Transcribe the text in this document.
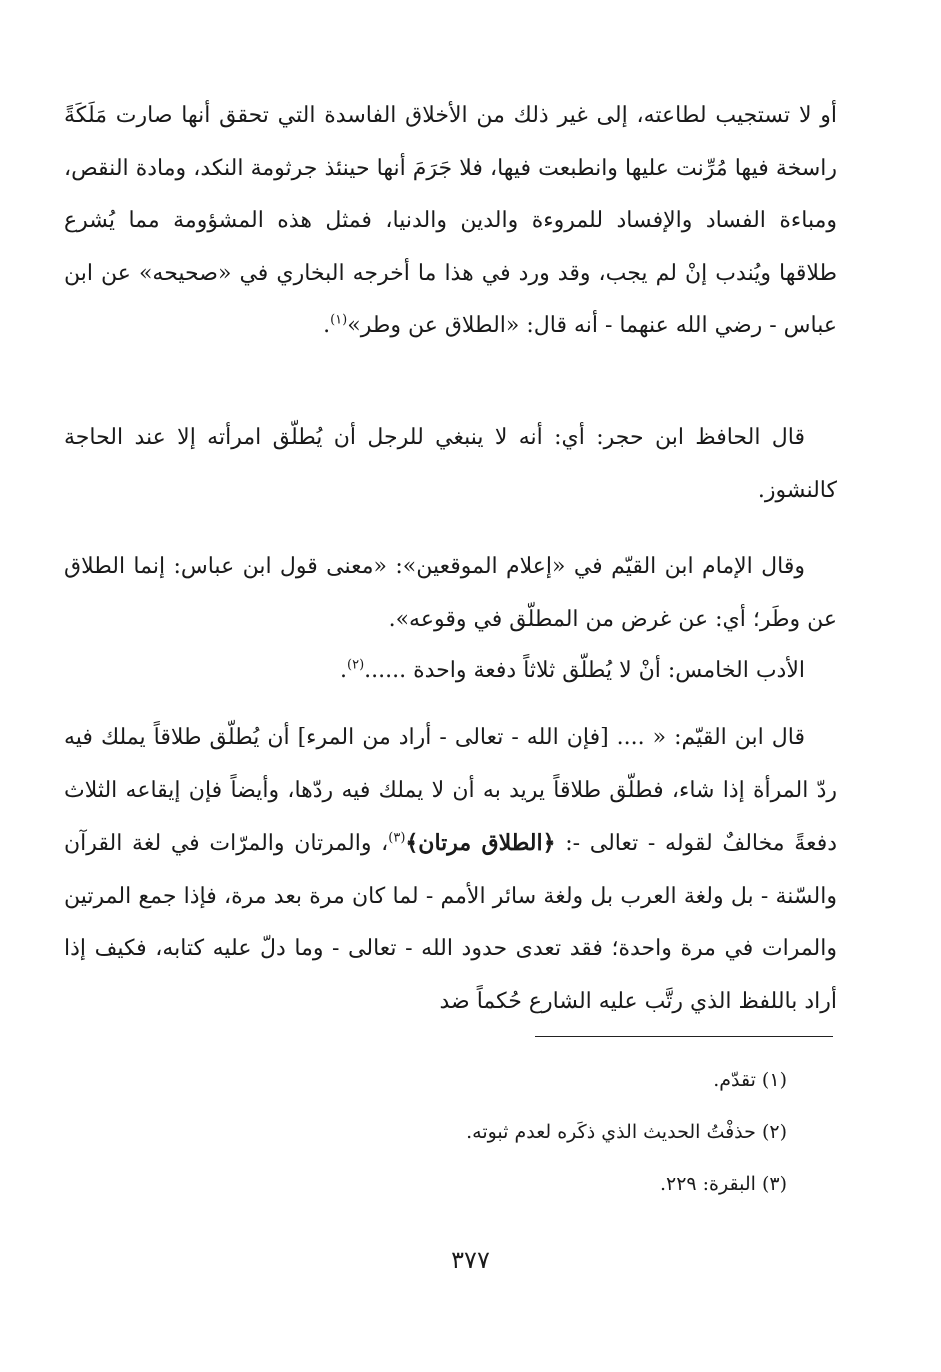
أو لا تستجيب لطاعته، إلى غير ذلك من الأخلاق الفاسدة التي تحقق أنها صارت مَلَكَةً راسخة فيها مُرِّنت عليها وانطبعت فيها، فلا جَرَمَ أنها حينئذ جرثومة النكد، ومادة النقص، ومباءة الفساد والإفساد للمروءة والدين والدنيا، فمثل هذه المشؤومة مما يُشرع طلاقها ويُندب إنْ لم يجب، وقد ورد في هذا ما أخرجه البخاري في «صحيحه» عن ابن عباس - رضي الله عنهما - أنه قال: «الطلاق عن وطر»$^{(١)}$.
قال الحافظ ابن حجر: أي: أنه لا ينبغي للرجل أن يُطلّق امرأته إلا عند الحاجة كالنشوز.
وقال الإمام ابن القيّم في «إعلام الموقعين»: «معنى قول ابن عباس: إنما الطلاق عن وطَر؛ أي: عن غرض من المطلّق في وقوعه».
الأدب الخامس: أنْ لا يُطلّق ثلاثاً دفعة واحدة ......$^{(٢)}$.
قال ابن القيّم: « .... [فإن الله - تعالى - أراد من المرء] أن يُطلّق طلاقاً يملك فيه ردّ المرأة إذا شاء، فطلّق طلاقاً يريد به أن لا يملك فيه ردّها، وأيضاً فإن إيقاعه الثلاث دفعةً مخالفٌ لقوله - تعالى -: ﴿الطلاق مرتان﴾$^{(٣)}$، والمرتان والمرّات في لغة القرآن والسّنة - بل ولغة العرب بل ولغة سائر الأمم - لما كان مرة بعد مرة، فإذا جمع المرتين والمرات في مرة واحدة؛ فقد تعدى حدود الله - تعالى - وما دلّ عليه كتابه، فكيف إذا أراد باللفظ الذي رتَّب عليه الشارع حُكماً ضد
(١) تقدّم.
(٢) حذفْتُ الحديث الذي ذكَره لعدم ثبوته.
(٣) البقرة: ٢٢٩.
٣٧٧
